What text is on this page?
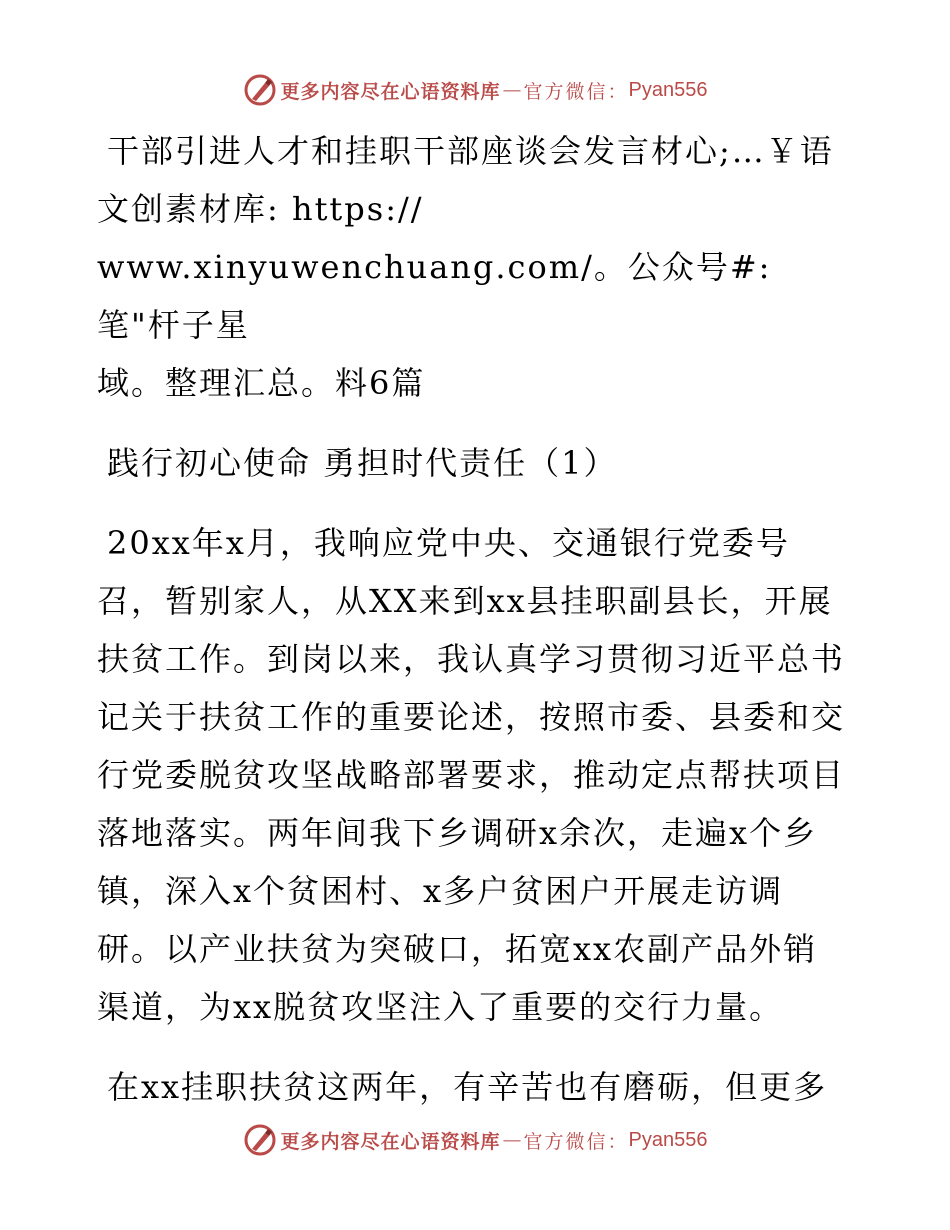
更多内容尽在心语资料库 — 官方微信： Pyan556
干部引进人才和挂职干部座谈会发言材心;…￥语
文创素材库: https://
www.xinyuwenchuang.com/。公众号#: 笔"杆子星
域。整理汇总。料6篇
践行初心使命 勇担时代责任（1）
20xx年x月，我响应党中央、交通银行党委号
召，暂别家人，从XX来到xx县挂职副县长，开展
扶贫工作。到岗以来，我认真学习贯彻习近平总书
记关于扶贫工作的重要论述，按照市委、县委和交
行党委脱贫攻坚战略部署要求，推动定点帮扶项目
落地落实。两年间我下乡调研x余次，走遍x个乡
镇，深入x个贫困村、x多户贫困户开展走访调
研。以产业扶贫为突破口，拓宽xx农副产品外销
渠道，为xx脱贫攻坚注入了重要的交行力量。
在xx挂职扶贫这两年，有辛苦也有磨砺，但更多
更多内容尽在心语资料库 — 官方微信： Pyan556
